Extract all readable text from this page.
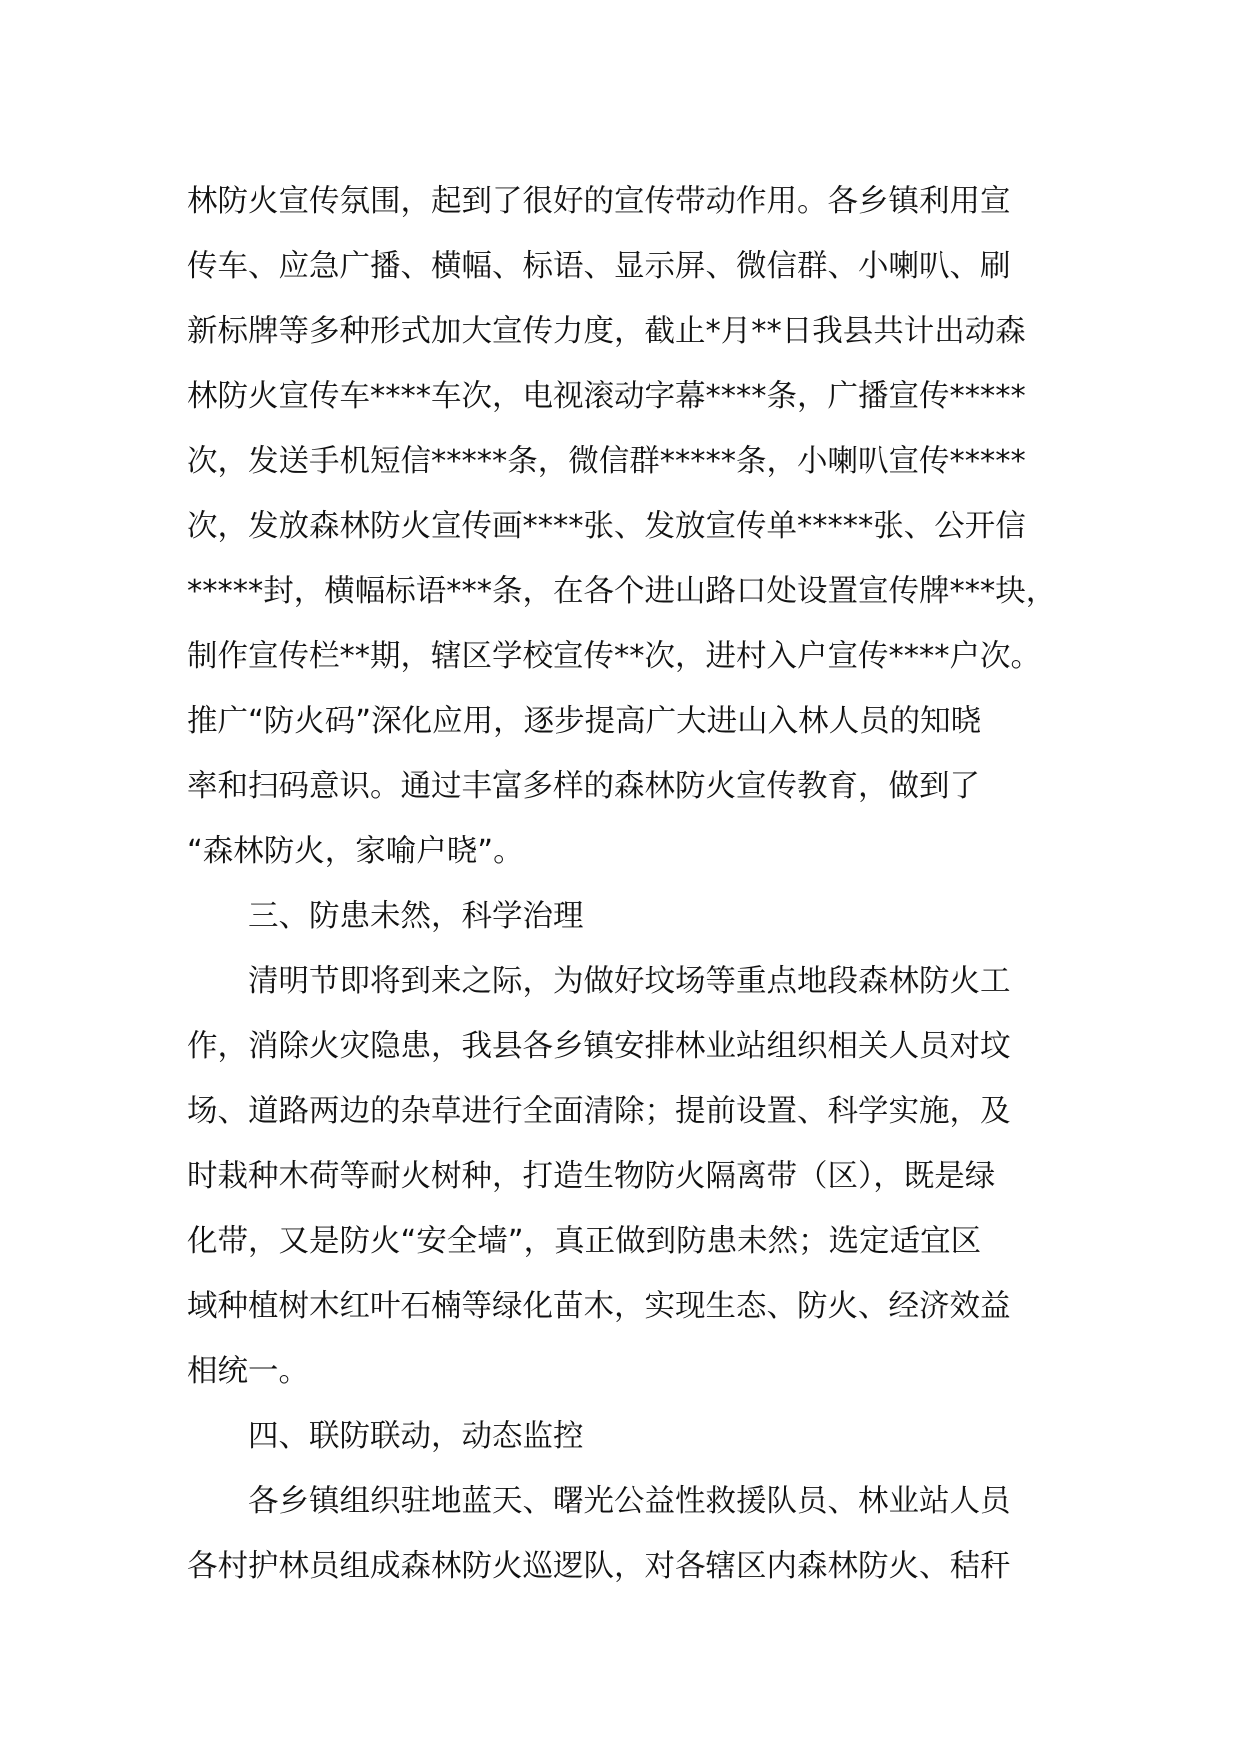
林防火宣传氛围，起到了很好的宣传带动作用。各乡镇利用宣
传车、应急广播、横幅、标语、显示屏、微信群、小喇叭、刷
新标牌等多种形式加大宣传力度，截止*月**日我县共计出动森
林防火宣传车****车次，电视滚动字幕****条，广播宣传*****
次，发送手机短信*****条，微信群*****条，小喇叭宣传*****
次，发放森林防火宣传画****张、发放宣传单*****张、公开信
*****封，横幅标语***条，在各个进山路口处设置宣传牌***块，
制作宣传栏**期，辖区学校宣传**次，进村入户宣传****户次。
推广“防火码”深化应用，逐步提高广大进山入林人员的知晓
率和扫码意识。通过丰富多样的森林防火宣传教育，做到了
“森林防火，家喻户晓”。
三、防患未然，科学治理
清明节即将到来之际，为做好坟场等重点地段森林防火工
作，消除火灾隐患，我县各乡镇安排林业站组织相关人员对坟
场、道路两边的杂草进行全面清除；提前设置、科学实施，及
时栽种木荷等耐火树种，打造生物防火隔离带（区），既是绿
化带，又是防火“安全墙”，真正做到防患未然；选定适宜区
域种植树木红叶石楠等绿化苗木，实现生态、防火、经济效益
相统一。
四、联防联动，动态监控
各乡镇组织驻地蓝天、曙光公益性救援队员、林业站人员
各村护林员组成森林防火巡逻队，对各辖区内森林防火、秸秆
